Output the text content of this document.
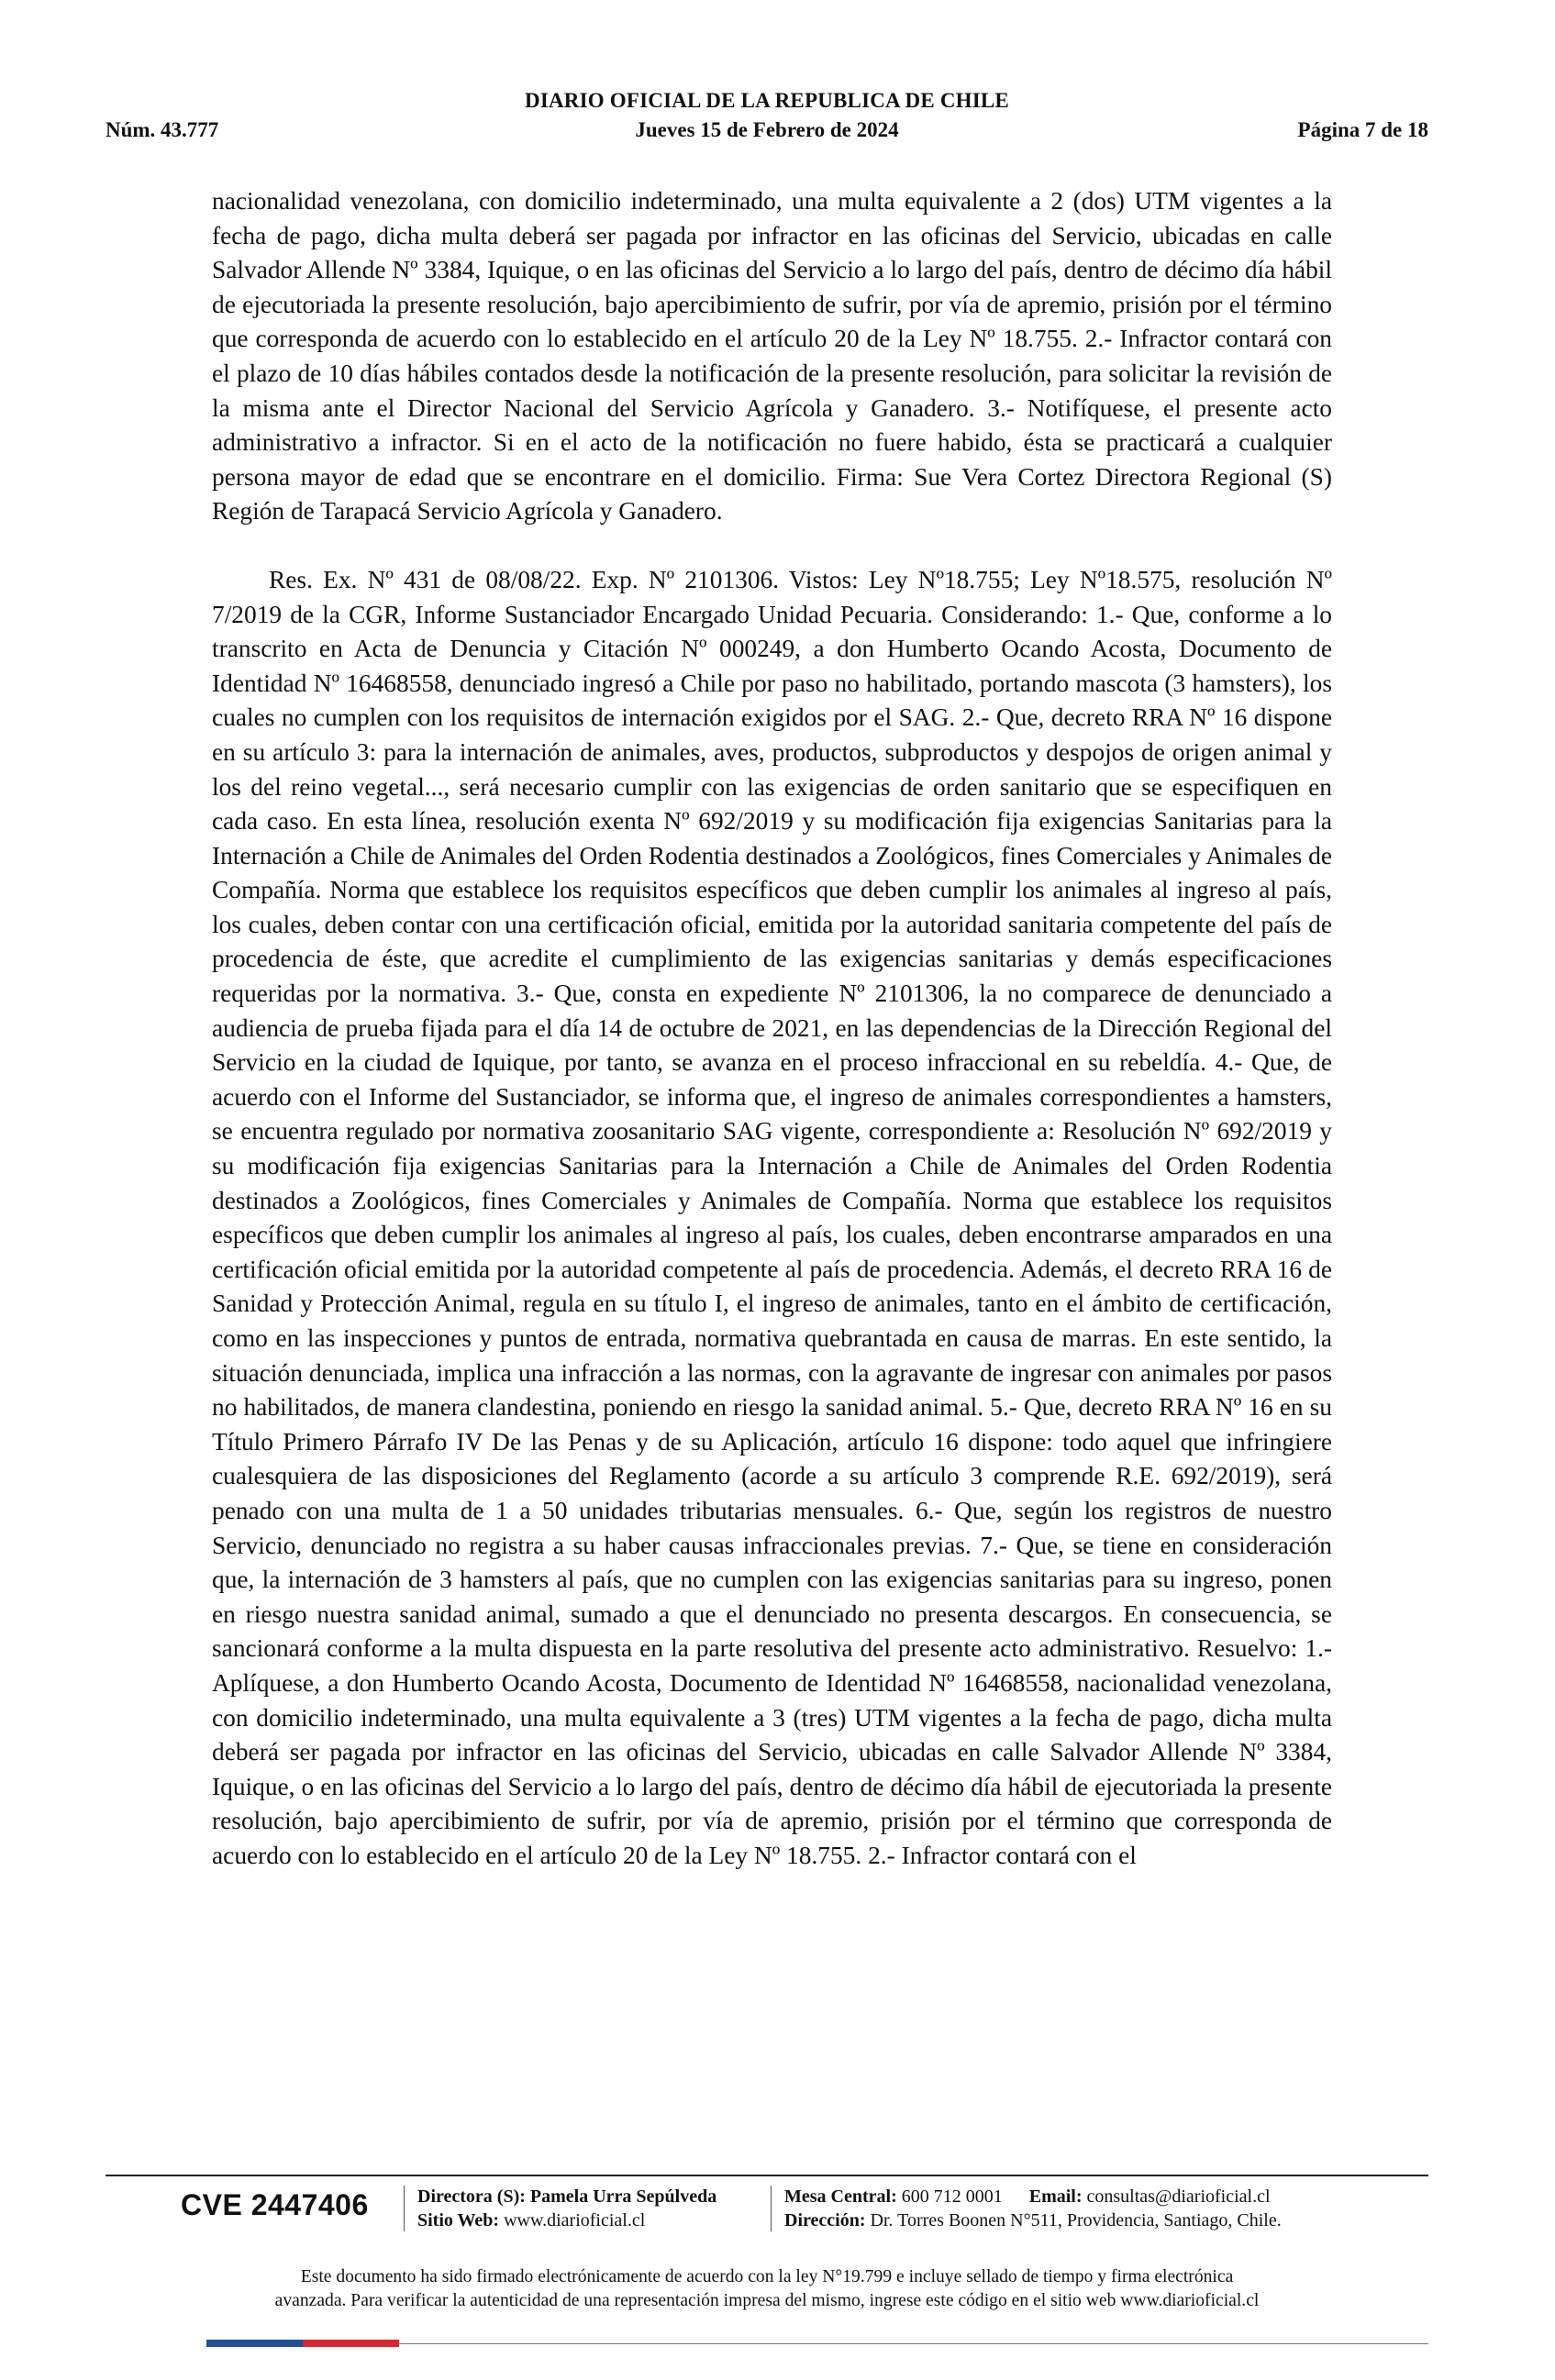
DIARIO OFICIAL DE LA REPUBLICA DE CHILE
Núm. 43.777	Jueves 15 de Febrero de 2024	Página 7 de 18

nacionalidad venezolana, con domicilio indeterminado, una multa equivalente a 2 (dos) UTM vigentes a la fecha de pago, dicha multa deberá ser pagada por infractor en las oficinas del Servicio, ubicadas en calle Salvador Allende Nº 3384, Iquique, o en las oficinas del Servicio a lo largo del país, dentro de décimo día hábil de ejecutoriada la presente resolución, bajo apercibimiento de sufrir, por vía de apremio, prisión por el término que corresponda de acuerdo con lo establecido en el artículo 20 de la Ley Nº 18.755. 2.- Infractor contará con el plazo de 10 días hábiles contados desde la notificación de la presente resolución, para solicitar la revisión de la misma ante el Director Nacional del Servicio Agrícola y Ganadero. 3.- Notifíquese, el presente acto administrativo a infractor. Si en el acto de la notificación no fuere habido, ésta se practicará a cualquier persona mayor de edad que se encontrare en el domicilio. Firma: Sue Vera Cortez Directora Regional (S) Región de Tarapacá Servicio Agrícola y Ganadero.

Res. Ex. Nº 431 de 08/08/22. Exp. Nº 2101306. Vistos: Ley Nº18.755; Ley Nº18.575, resolución Nº 7/2019 de la CGR, Informe Sustanciador Encargado Unidad Pecuaria. Considerando: 1.- Que, conforme a lo transcrito en Acta de Denuncia y Citación Nº 000249, a don Humberto Ocando Acosta, Documento de Identidad Nº 16468558, denunciado ingresó a Chile por paso no habilitado, portando mascota (3 hamsters), los cuales no cumplen con los requisitos de internación exigidos por el SAG. 2.- Que, decreto RRA Nº 16 dispone en su artículo 3: para la internación de animales, aves, productos, subproductos y despojos de origen animal y los del reino vegetal..., será necesario cumplir con las exigencias de orden sanitario que se especifiquen en cada caso. En esta línea, resolución exenta Nº 692/2019 y su modificación fija exigencias Sanitarias para la Internación a Chile de Animales del Orden Rodentia destinados a Zoológicos, fines Comerciales y Animales de Compañía. Norma que establece los requisitos específicos que deben cumplir los animales al ingreso al país, los cuales, deben contar con una certificación oficial, emitida por la autoridad sanitaria competente del país de procedencia de éste, que acredite el cumplimiento de las exigencias sanitarias y demás especificaciones requeridas por la normativa. 3.- Que, consta en expediente Nº 2101306, la no comparece de denunciado a audiencia de prueba fijada para el día 14 de octubre de 2021, en las dependencias de la Dirección Regional del Servicio en la ciudad de Iquique, por tanto, se avanza en el proceso infraccional en su rebeldía. 4.- Que, de acuerdo con el Informe del Sustanciador, se informa que, el ingreso de animales correspondientes a hamsters, se encuentra regulado por normativa zoosanitario SAG vigente, correspondiente a: Resolución Nº 692/2019 y su modificación fija exigencias Sanitarias para la Internación a Chile de Animales del Orden Rodentia destinados a Zoológicos, fines Comerciales y Animales de Compañía. Norma que establece los requisitos específicos que deben cumplir los animales al ingreso al país, los cuales, deben encontrarse amparados en una certificación oficial emitida por la autoridad competente al país de procedencia. Además, el decreto RRA 16 de Sanidad y Protección Animal, regula en su título I, el ingreso de animales, tanto en el ámbito de certificación, como en las inspecciones y puntos de entrada, normativa quebrantada en causa de marras. En este sentido, la situación denunciada, implica una infracción a las normas, con la agravante de ingresar con animales por pasos no habilitados, de manera clandestina, poniendo en riesgo la sanidad animal. 5.- Que, decreto RRA Nº 16 en su Título Primero Párrafo IV De las Penas y de su Aplicación, artículo 16 dispone: todo aquel que infringiere cualesquiera de las disposiciones del Reglamento (acorde a su artículo 3 comprende R.E. 692/2019), será penado con una multa de 1 a 50 unidades tributarias mensuales. 6.- Que, según los registros de nuestro Servicio, denunciado no registra a su haber causas infraccionales previas. 7.- Que, se tiene en consideración que, la internación de 3 hamsters al país, que no cumplen con las exigencias sanitarias para su ingreso, ponen en riesgo nuestra sanidad animal, sumado a que el denunciado no presenta descargos. En consecuencia, se sancionará conforme a la multa dispuesta en la parte resolutiva del presente acto administrativo. Resuelvo: 1.- Aplíquese, a don Humberto Ocando Acosta, Documento de Identidad Nº 16468558, nacionalidad venezolana, con domicilio indeterminado, una multa equivalente a 3 (tres) UTM vigentes a la fecha de pago, dicha multa deberá ser pagada por infractor en las oficinas del Servicio, ubicadas en calle Salvador Allende Nº 3384, Iquique, o en las oficinas del Servicio a lo largo del país, dentro de décimo día hábil de ejecutoriada la presente resolución, bajo apercibimiento de sufrir, por vía de apremio, prisión por el término que corresponda de acuerdo con lo establecido en el artículo 20 de la Ley Nº 18.755. 2.- Infractor contará con el

CVE 2447406	Directora (S): Pamela Urra Sepúlveda
Sitio Web: www.diarioficial.cl
Mesa Central: 600 712 0001 Email: consultas@diarioficial.cl
Dirección: Dr. Torres Boonen N°511, Providencia, Santiago, Chile.
Este documento ha sido firmado electrónicamente de acuerdo con la ley N°19.799 e incluye sellado de tiempo y firma electrónica
avanzada. Para verificar la autenticidad de una representación impresa del mismo, ingrese este código en el sitio web www.diarioficial.cl
